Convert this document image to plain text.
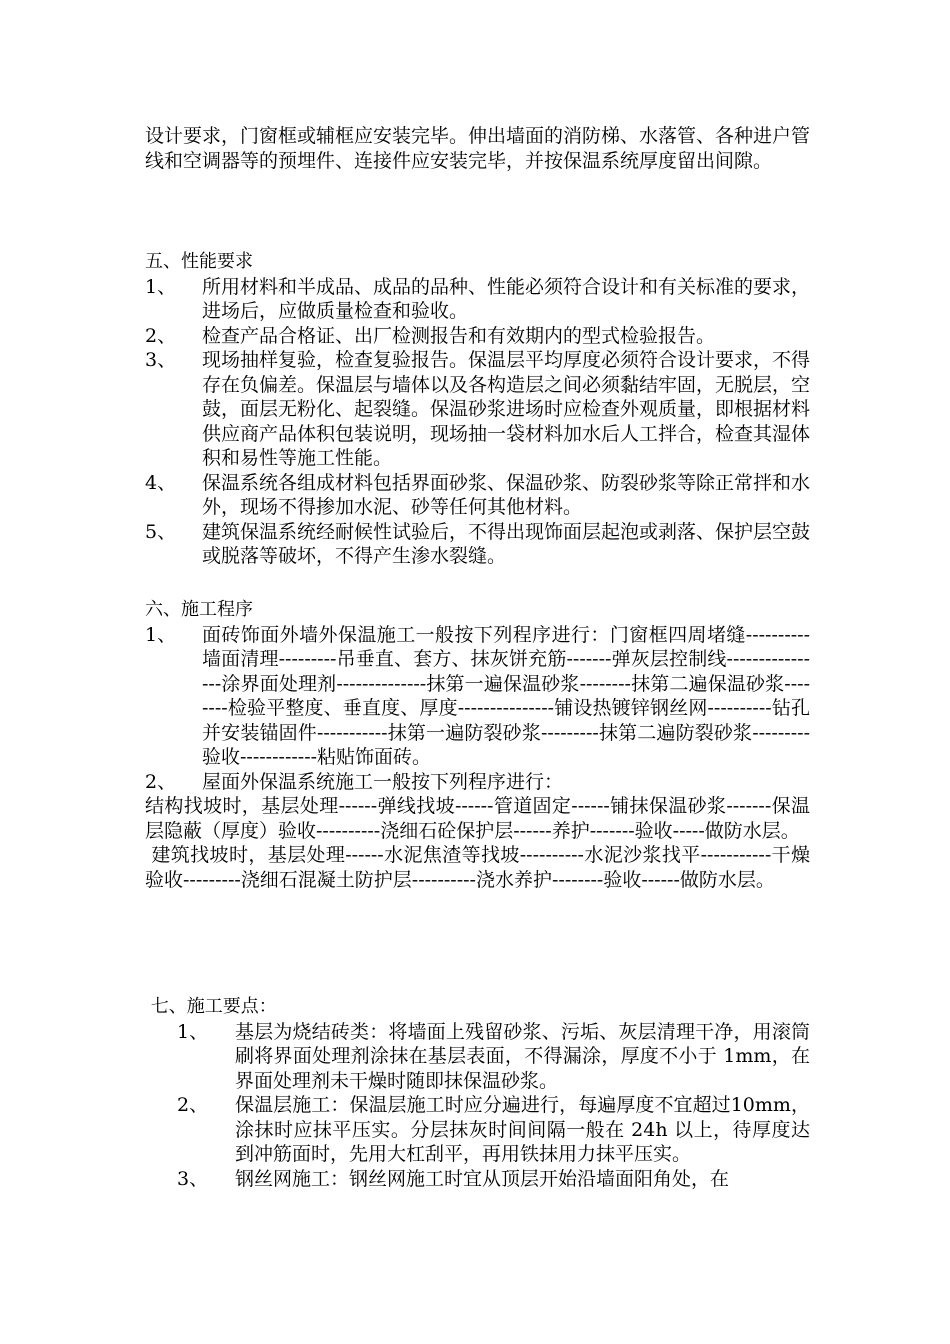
设计要求，门窗框或辅框应安装完毕。伸出墙面的消防梯、水落管、各种进户管线和空调器等的预埋件、连接件应安装完毕，并按保温系统厚度留出间隙。

五、性能要求

1、	所用材料和半成品、成品的品种、性能必须符合设计和有关标准的要求，进场后，应做质量检查和验收。
2、	检查产品合格证、出厂检测报告和有效期内的型式检验报告。
3、	现场抽样复验，检查复验报告。保温层平均厚度必须符合设计要求，不得存在负偏差。保温层与墙体以及各构造层之间必须黏结牢固，无脱层，空鼓，面层无粉化、起裂缝。保温砂浆进场时应检查外观质量，即根据材料供应商产品体积包装说明，现场抽一袋材料加水后人工拌合，检查其湿体积和易性等施工性能。
4、	保温系统各组成材料包括界面砂浆、保温砂浆、防裂砂浆等除正常拌和水外，现场不得掺加水泥、砂等任何其他材料。
5、	建筑保温系统经耐候性试验后，不得出现饰面层起泡或剥落、保护层空鼓或脱落等破坏，不得产生渗水裂缝。

六、施工程序

1、	面砖饰面外墙外保温施工一般按下列程序进行：门窗框四周堵缝----------墙面清理---------吊垂直、套方、抹灰饼充筋-------弹灰层控制线----------------涂界面处理剂--------------抹第一遍保温砂浆--------抹第二遍保温砂浆--------检验平整度、垂直度、厚度---------------铺设热镀锌钢丝网----------钻孔并安装锚固件-----------抹第一遍防裂砂浆---------抹第二遍防裂砂浆---------验收------------粘贴饰面砖。
2、	屋面外保温系统施工一般按下列程序进行：

结构找坡时，基层处理------弹线找坡------管道固定------铺抹保温砂浆-------保温层隐蔽（厚度）验收----------浇细石砼保护层------养护-------验收-----做防水层。

建筑找坡时，基层处理------水泥焦渣等找坡----------水泥沙浆找平-----------干燥验收---------浇细石混凝土防护层----------浇水养护--------验收------做防水层。

七、施工要点：

1、	基层为烧结砖类：将墙面上残留砂浆、污垢、灰层清理干净，用滚筒刷将界面处理剂涂抹在基层表面，不得漏涂，厚度不小于 1mm，在界面处理剂未干燥时随即抹保温砂浆。
2、	保温层施工：保温层施工时应分遍进行，每遍厚度不宜超过10mm，涂抹时应抹平压实。分层抹灰时间间隔一般在 24h 以上，待厚度达到冲筋面时，先用大杠刮平，再用铁抹用力抹平压实。
3、	钢丝网施工：钢丝网施工时宜从顶层开始沿墙面阳角处，在
